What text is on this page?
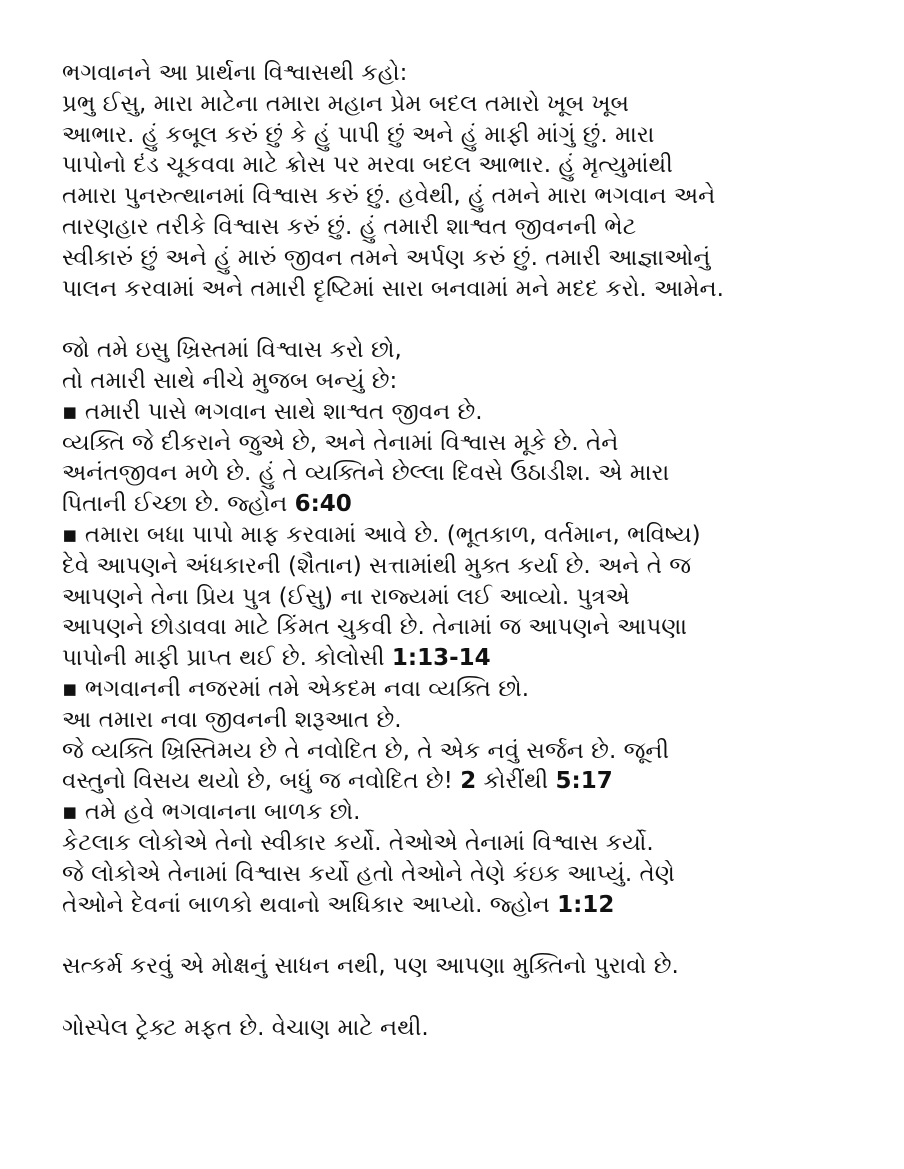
ભગવાનને આ પ્રાર્થના વિશ્વાસથી કહો:
પ્રભુ ઈસુ, મારા માટેના તમારા મહાન પ્રેમ બદલ તમારો ખૂબ ખૂબ
આભાર. હું કબૂલ કરું છું કે હું પાપી છું અને હું માફી માંગું છું. મારા
પાપોનો દંડ ચૂકવવા માટે ક્રોસ પર મરવા બદલ આભાર. હું મૃત્યુમાંથી
તમારા પુનરુત્થાનમાં વિશ્વાસ કરું છું. હવેથી, હું તમને મારા ભગવાન અને
તારણહાર તરીકે વિશ્વાસ કરું છું. હું તમારી શાશ્વત જીવનની ભેટ
સ્વીકારું છું અને હું મારું જીવન તમને અર્પણ કરું છું. તમારી આજ્ઞાઓનું
પાલન કરવામાં અને તમારી દૃષ્ટિમાં સારા બનવામાં મને મદદ કરો. આમેન.
જો તમે ઇસુ ખ્રિસ્તમાં વિશ્વાસ કરો છો,
તો તમારી સાથે નીચે મુજબ બન્યું છે:
▪ તમારી પાસે ભગવાન સાથે શાશ્વત જીવન છે.
વ્યક્તિ જે દીકરાને જુએ છે, અને તેનામાં વિશ્વાસ મૂકે છે. તેને
અનંતજીવન મળે છે. હું તે વ્યક્તિને છેલ્લા દિવસે ઉઠાડીશ. એ મારા
પિતાની ઈચ્છા છે. જ્હોન 6:40
▪ તમારા બધા પાપો માફ કરવામાં આવે છે. (ભૂતકાળ, વર્તમાન, ભવિષ્ય)
દેવે આપણને અંધકારની (શૈતાન) સત્તામાંથી મુક્ત કર્યા છે. અને તે જ
આપણને તેના પ્રિય પુત્ર (ઈસુ) ના રાજ્યમાં લઈ આવ્યો. પુત્રએ
આપણને છોડાવવા માટે કિંમત ચુકવી છે. તેનામાં જ આપણને આપણા
પાપોની માફી પ્રાપ્ત થઈ છે. કોલોસી 1:13-14
▪ ભગવાનની નજરમાં તમે એકદમ નવા વ્યક્તિ છો.
આ તમારા નવા જીવનની શરૂઆત છે.
જે વ્યક્તિ ખ્રિસ્તિમય છે તે નવોદિત છે, તે એક નવું સર્જન છે. જૂની
વસ્તુનો વિસય થયો છે, બધું જ નવોદિત છે! 2 કોરીંથી 5:17
▪ તમે હવે ભગવાનના બાળક છો.
કેટલાક લોકોએ તેનો સ્વીકાર કર્યો. તેઓએ તેનામાં વિશ્વાસ કર્યો.
જે લોકોએ તેનામાં વિશ્વાસ કર્યો હતો તેઓને તેણે કંઇક આપ્યું. તેણે
તેઓને દેવનાં બાળકો થવાનો અધિકાર આપ્યો. જ્હોન 1:12
સત્કર્મ કરવું એ મોક્ષનું સાધન નથી, પણ આપણા મુક્તિનો પુરાવો છે.
ગોસ્પેલ ટ્રેક્ટ મફત છે. વેચાણ માટે નથી.
